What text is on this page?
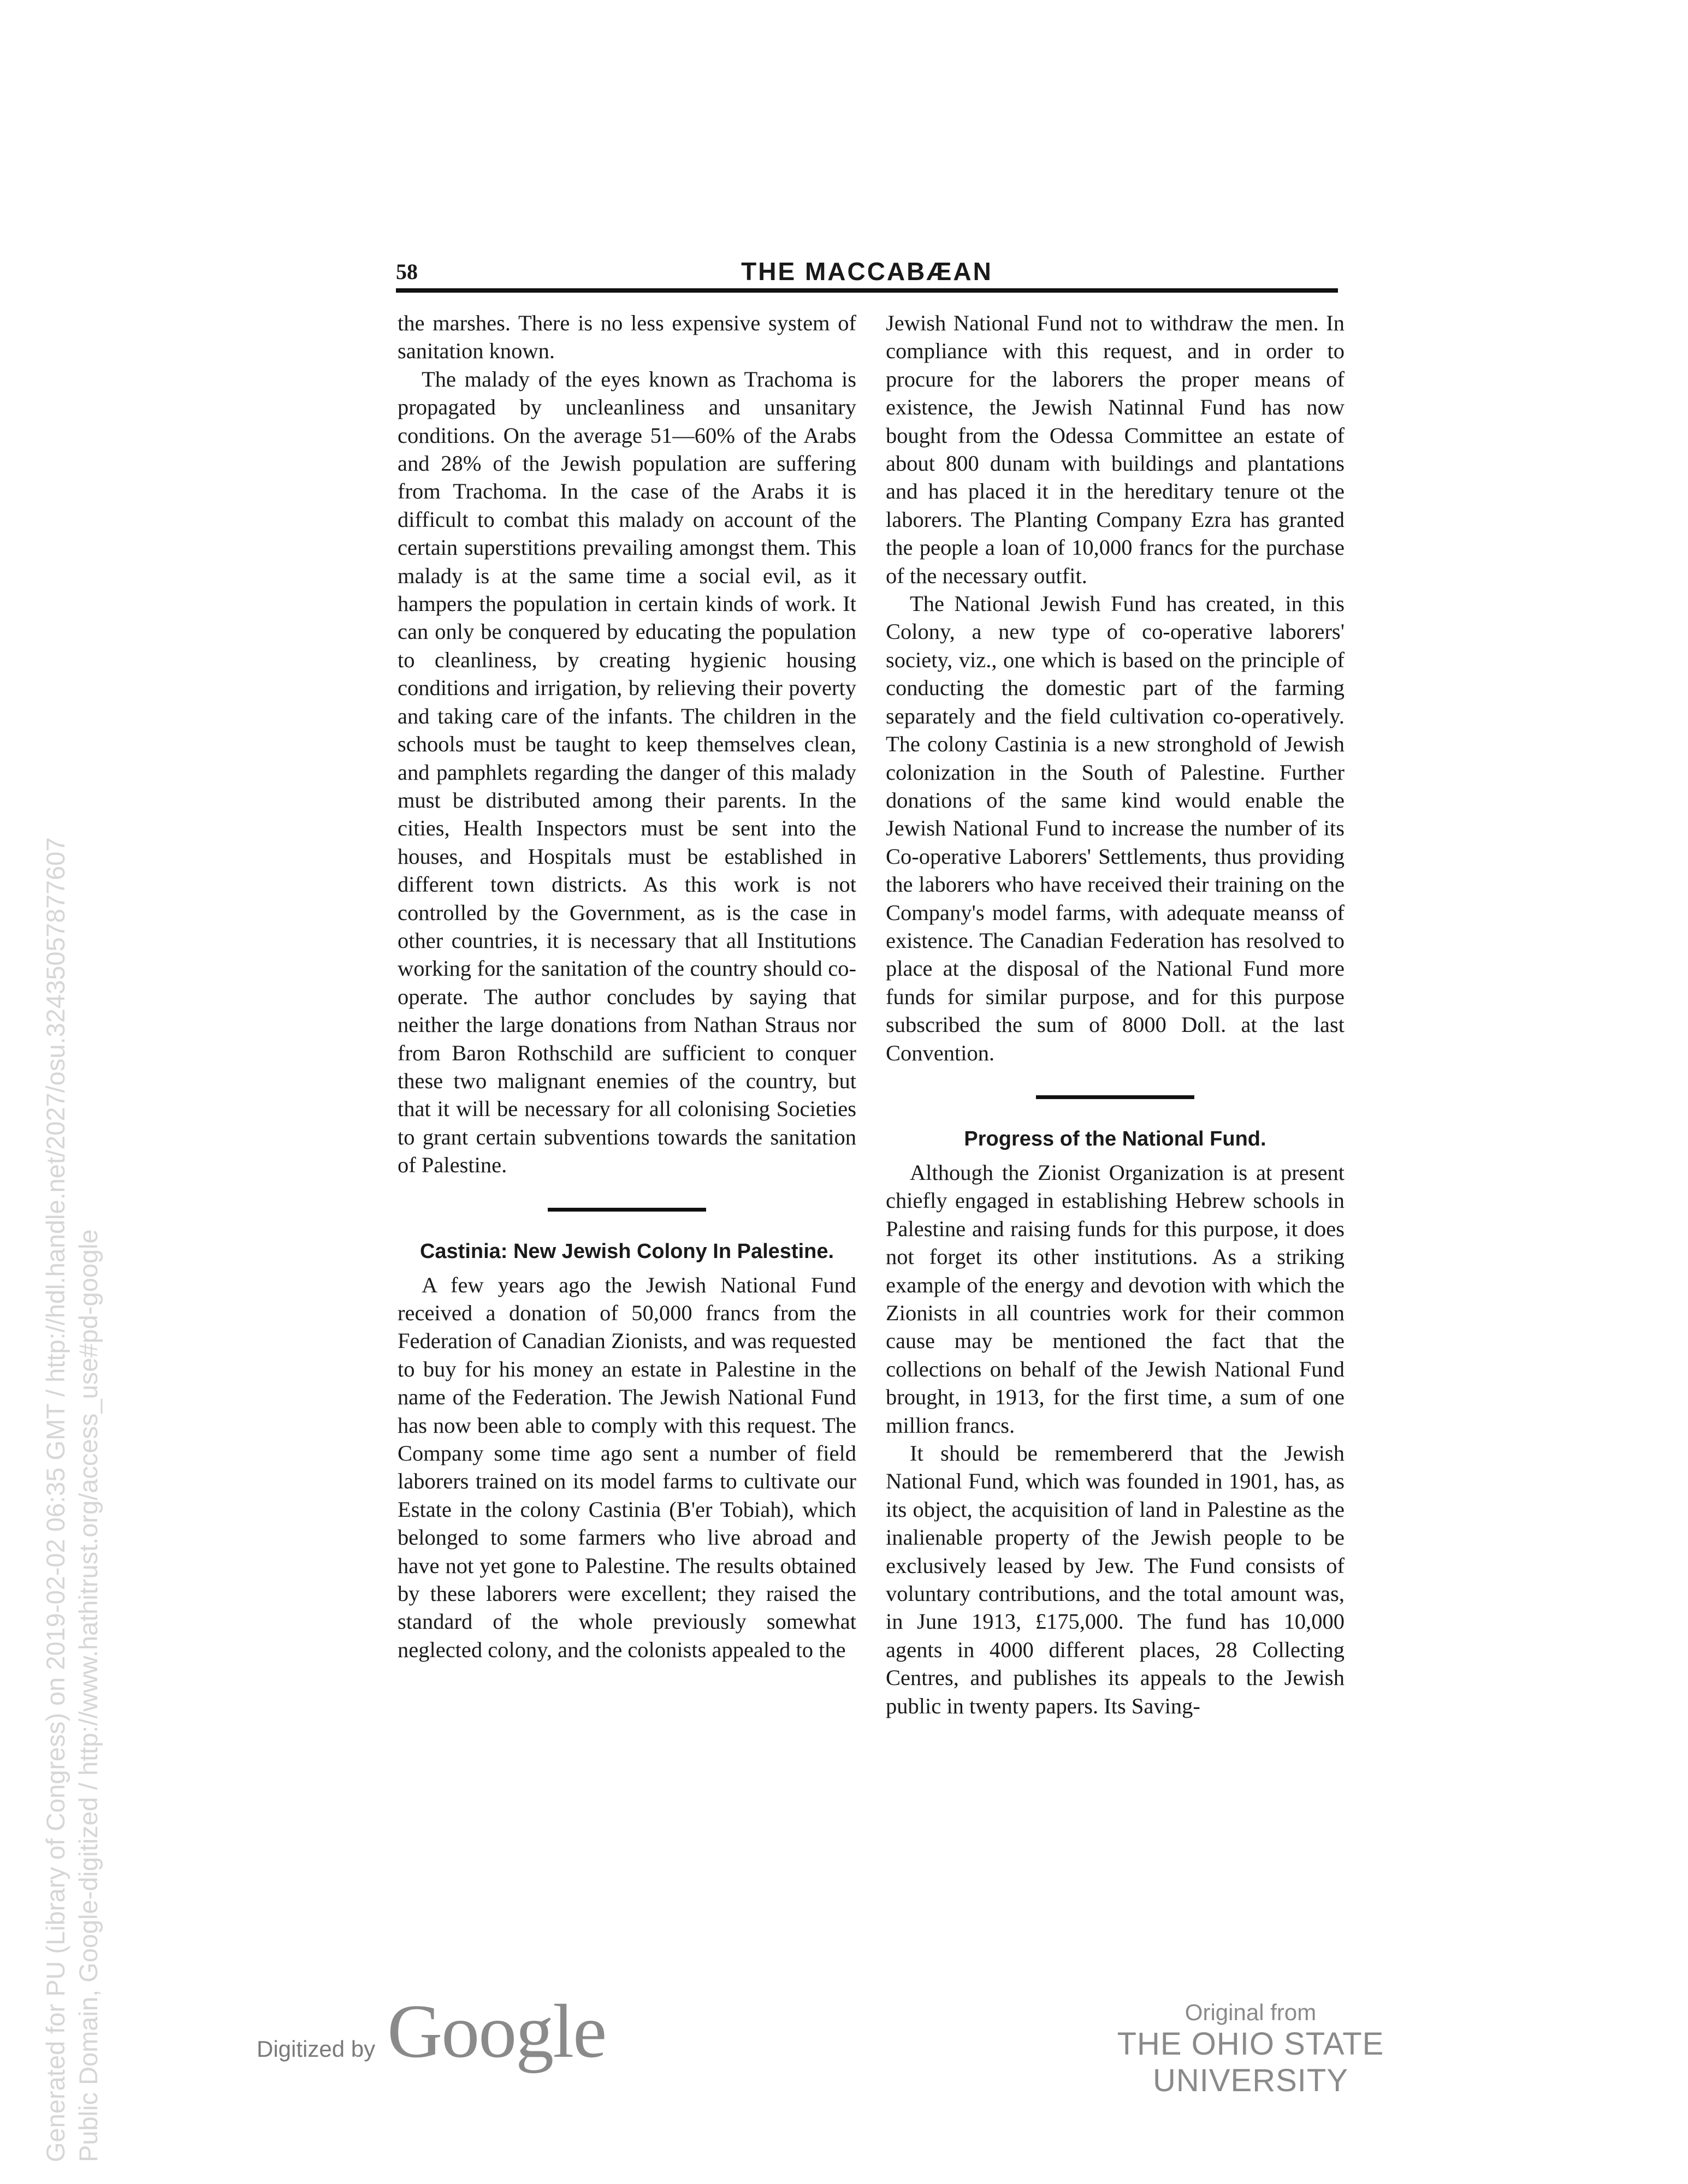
58	THE MACCABÆAN

the marshes. There is no less expensive system of sanitation known.

The malady of the eyes known as Trachoma is propagated by uncleanliness and unsanitary conditions. On the average 51—60% of the Arabs and 28% of the Jewish population are suffering from Trachoma. In the case of the Arabs it is difficult to combat this malady on account of the certain superstitions prevailing amongst them. This malady is at the same time a social evil, as it hampers the population in certain kinds of work. It can only be conquered by educating the population to cleanliness, by creating hygienic housing conditions and irrigation, by relieving their poverty and taking care of the infants. The children in the schools must be taught to keep themselves clean, and pamphlets regarding the danger of this malady must be distributed among their parents. In the cities, Health Inspectors must be sent into the houses, and Hospitals must be established in different town districts. As this work is not controlled by the Government, as is the case in other countries, it is necessary that all Institutions working for the sanitation of the country should co-operate. The author concludes by saying that neither the large donations from Nathan Straus nor from Baron Rothschild are sufficient to conquer these two malignant enemies of the country, but that it will be necessary for all colonising Societies to grant certain subventions towards the sanitation of Palestine.

Castinia: New Jewish Colony In Palestine.

A few years ago the Jewish National Fund received a donation of 50,000 francs from the Federation of Canadian Zionists, and was requested to buy for his money an estate in Palestine in the name of the Federation. The Jewish National Fund has now been able to comply with this request. The Company some time ago sent a number of field laborers trained on its model farms to cultivate our Estate in the colony Castinia (B'er Tobiah), which belonged to some farmers who live abroad and have not yet gone to Palestine. The results obtained by these laborers were excellent; they raised the standard of the whole previously somewhat neglected colony, and the colonists appealed to the

Jewish National Fund not to withdraw the men. In compliance with this request, and in order to procure for the laborers the proper means of existence, the Jewish Natinnal Fund has now bought from the Odessa Committee an estate of about 800 dunam with buildings and plantations and has placed it in the hereditary tenure ot the laborers. The Planting Company Ezra has granted the people a loan of 10,000 francs for the purchase of the necessary outfit.

The National Jewish Fund has created, in this Colony, a new type of co-operative laborers' society, viz., one which is based on the principle of conducting the domestic part of the farming separately and the field cultivation co-operatively. The colony Castinia is a new stronghold of Jewish colonization in the South of Palestine. Further donations of the same kind would enable the Jewish National Fund to increase the number of its Co-operative Laborers' Settlements, thus providing the laborers who have received their training on the Company's model farms, with adequate meanss of existence. The Canadian Federation has resolved to place at the disposal of the National Fund more funds for similar purpose, and for this purpose subscribed the sum of 8000 Doll. at the last Convention.

Progress of the National Fund.

Although the Zionist Organization is at present chiefly engaged in establishing Hebrew schools in Palestine and raising funds for this purpose, it does not forget its other institutions. As a striking example of the energy and devotion with which the Zionists in all countries work for their common cause may be mentioned the fact that the collections on behalf of the Jewish National Fund brought, in 1913, for the first time, a sum of one million francs.

It should be remembererd that the Jewish National Fund, which was founded in 1901, has, as its object, the acquisition of land in Palestine as the inalienable property of the Jewish people to be exclusively leased by Jew. The Fund consists of voluntary contributions, and the total amount was, in June 1913, £175,000. The fund has 10,000 agents in 4000 different places, 28 Collecting Centres, and publishes its appeals to the Jewish public in twenty papers. Its Saving-

Digitized by Google	Original from
THE OHIO STATE UNIVERSITY
Generated for PU (Library of Congress) on 2019-02-02 06:35 GMT / http://hdl.handle.net/2027/osu.32435057877607 Public Domain, Google-digitized / http://www.hathitrust.org/access_use#pd-google
